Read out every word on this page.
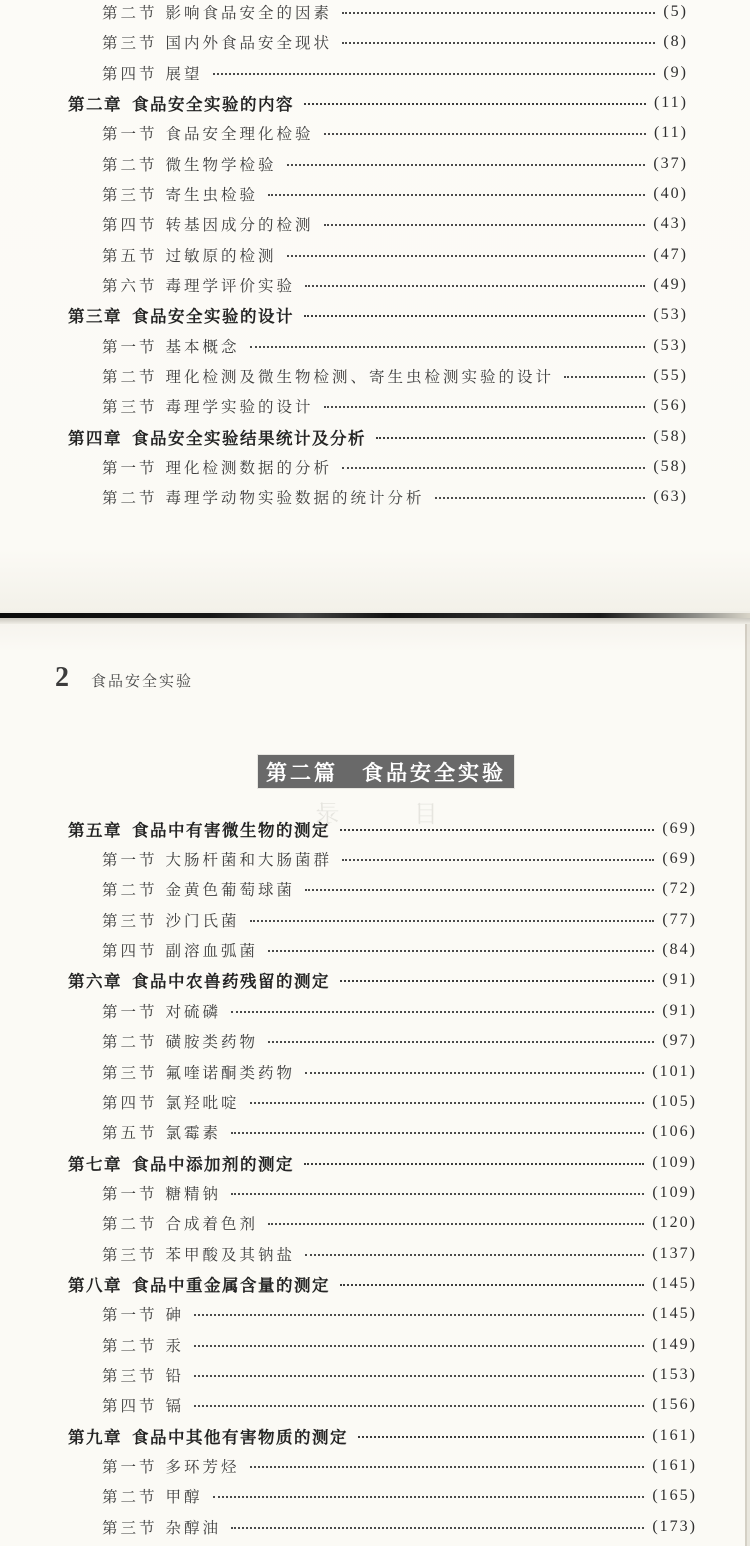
第二节 影响食品安全的因素	(5)
第三节 国内外食品安全现状	(8)
第四节 展望	(9)
第二章 食品安全实验的内容	(11)
第一节 食品安全理化检验	(11)
第二节 微生物学检验	(37)
第三节 寄生虫检验	(40)
第四节 转基因成分的检测	(43)
第五节 过敏原的检测	(47)
第六节 毒理学评价实验	(49)
第三章 食品安全实验的设计	(53)
第一节 基本概念	(53)
第二节 理化检测及微生物检测、寄生虫检测实验的设计	(55)
第三节 毒理学实验的设计	(56)
第四章 食品安全实验结果统计及分析	(58)
第一节 理化检测数据的分析	(58)
第二节 毒理学动物实验数据的统计分析	(63)
2 食品安全实验
第二篇　食品安全实验
目 录
第五章 食品中有害微生物的测定	(69)
第一节 大肠杆菌和大肠菌群	(69)
第二节 金黄色葡萄球菌	(72)
第三节 沙门氏菌	(77)
第四节 副溶血弧菌	(84)
第六章 食品中农兽药残留的测定	(91)
第一节 对硫磷	(91)
第二节 磺胺类药物	(97)
第三节 氟喹诺酮类药物	(101)
第四节 氯羟吡啶	(105)
第五节 氯霉素	(106)
第七章 食品中添加剂的测定	(109)
第一节 糖精钠	(109)
第二节 合成着色剂	(120)
第三节 苯甲酸及其钠盐	(137)
第八章 食品中重金属含量的测定	(145)
第一节 砷	(145)
第二节 汞	(149)
第三节 铅	(153)
第四节 镉	(156)
第九章 食品中其他有害物质的测定	(161)
第一节 多环芳烃	(161)
第二节 甲醇	(165)
第三节 杂醇油	(173)
